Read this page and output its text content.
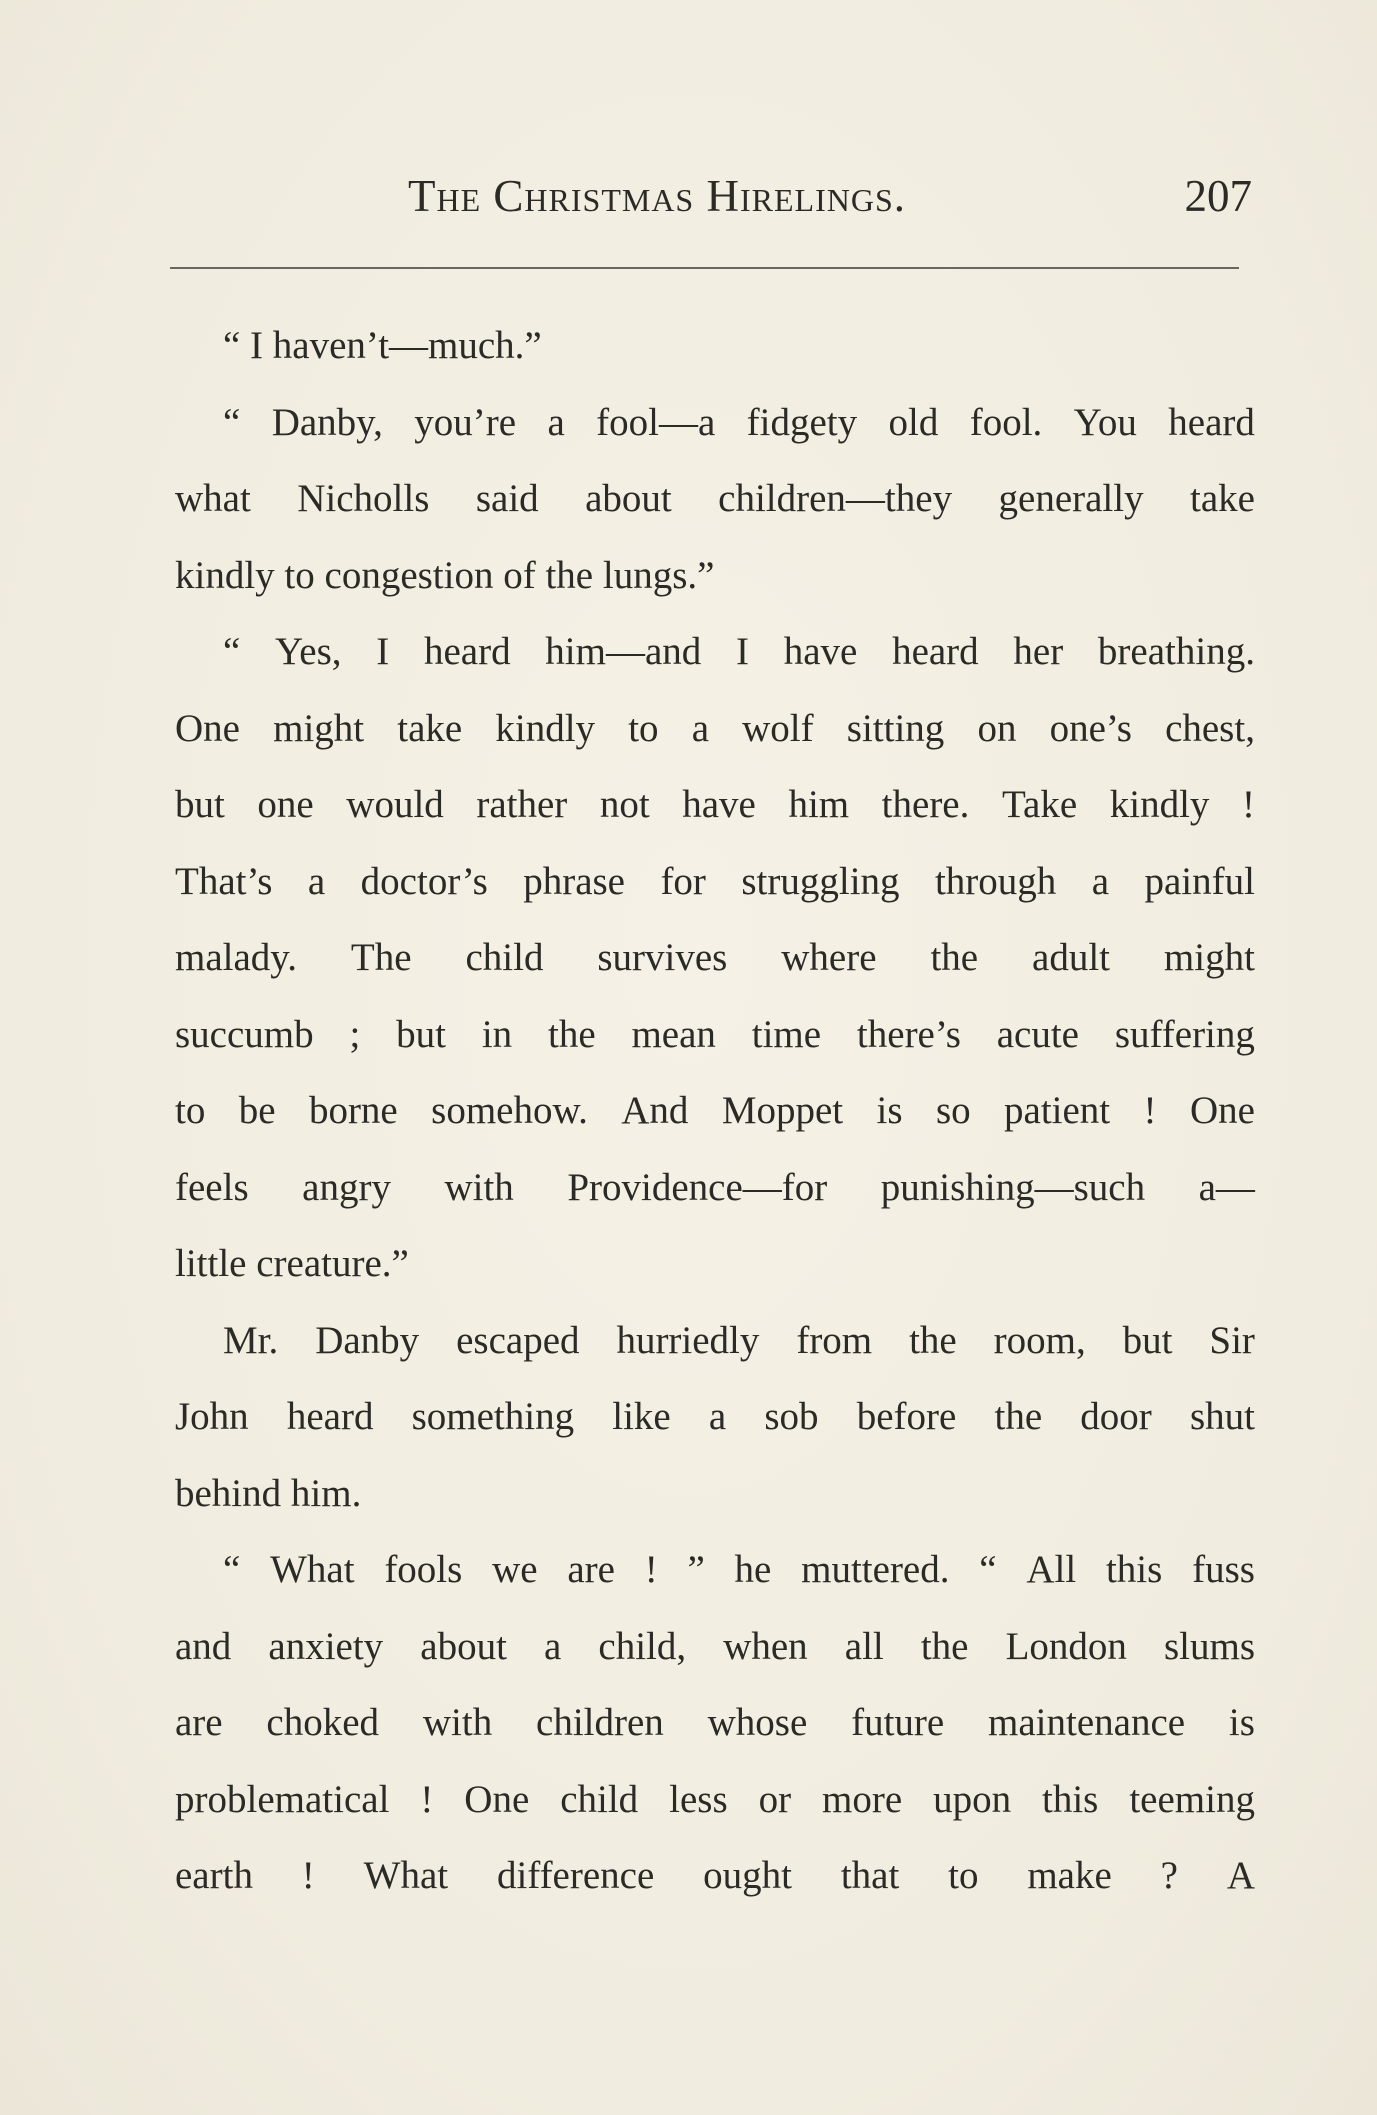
The Christmas Hirelings.	207
“ I haven’t—much.”
“ Danby, you’re a fool—a fidgety old fool. You heard
what Nicholls said about children—they generally take
kindly to congestion of the lungs.”
“ Yes, I heard him—and I have heard her breathing.
One might take kindly to a wolf sitting on one’s chest,
but one would rather not have him there. Take kindly !
That’s a doctor’s phrase for struggling through a painful
malady. The child survives where the adult might
succumb ; but in the mean time there’s acute suffering
to be borne somehow. And Moppet is so patient ! One
feels angry with Providence—for punishing—such a—
little creature.”
Mr. Danby escaped hurriedly from the room, but Sir
John heard something like a sob before the door shut
behind him.
“ What fools we are ! ” he muttered. “ All this fuss
and anxiety about a child, when all the London slums
are choked with children whose future maintenance is
problematical ! One child less or more upon this teeming
earth ! What difference ought that to make ? A
